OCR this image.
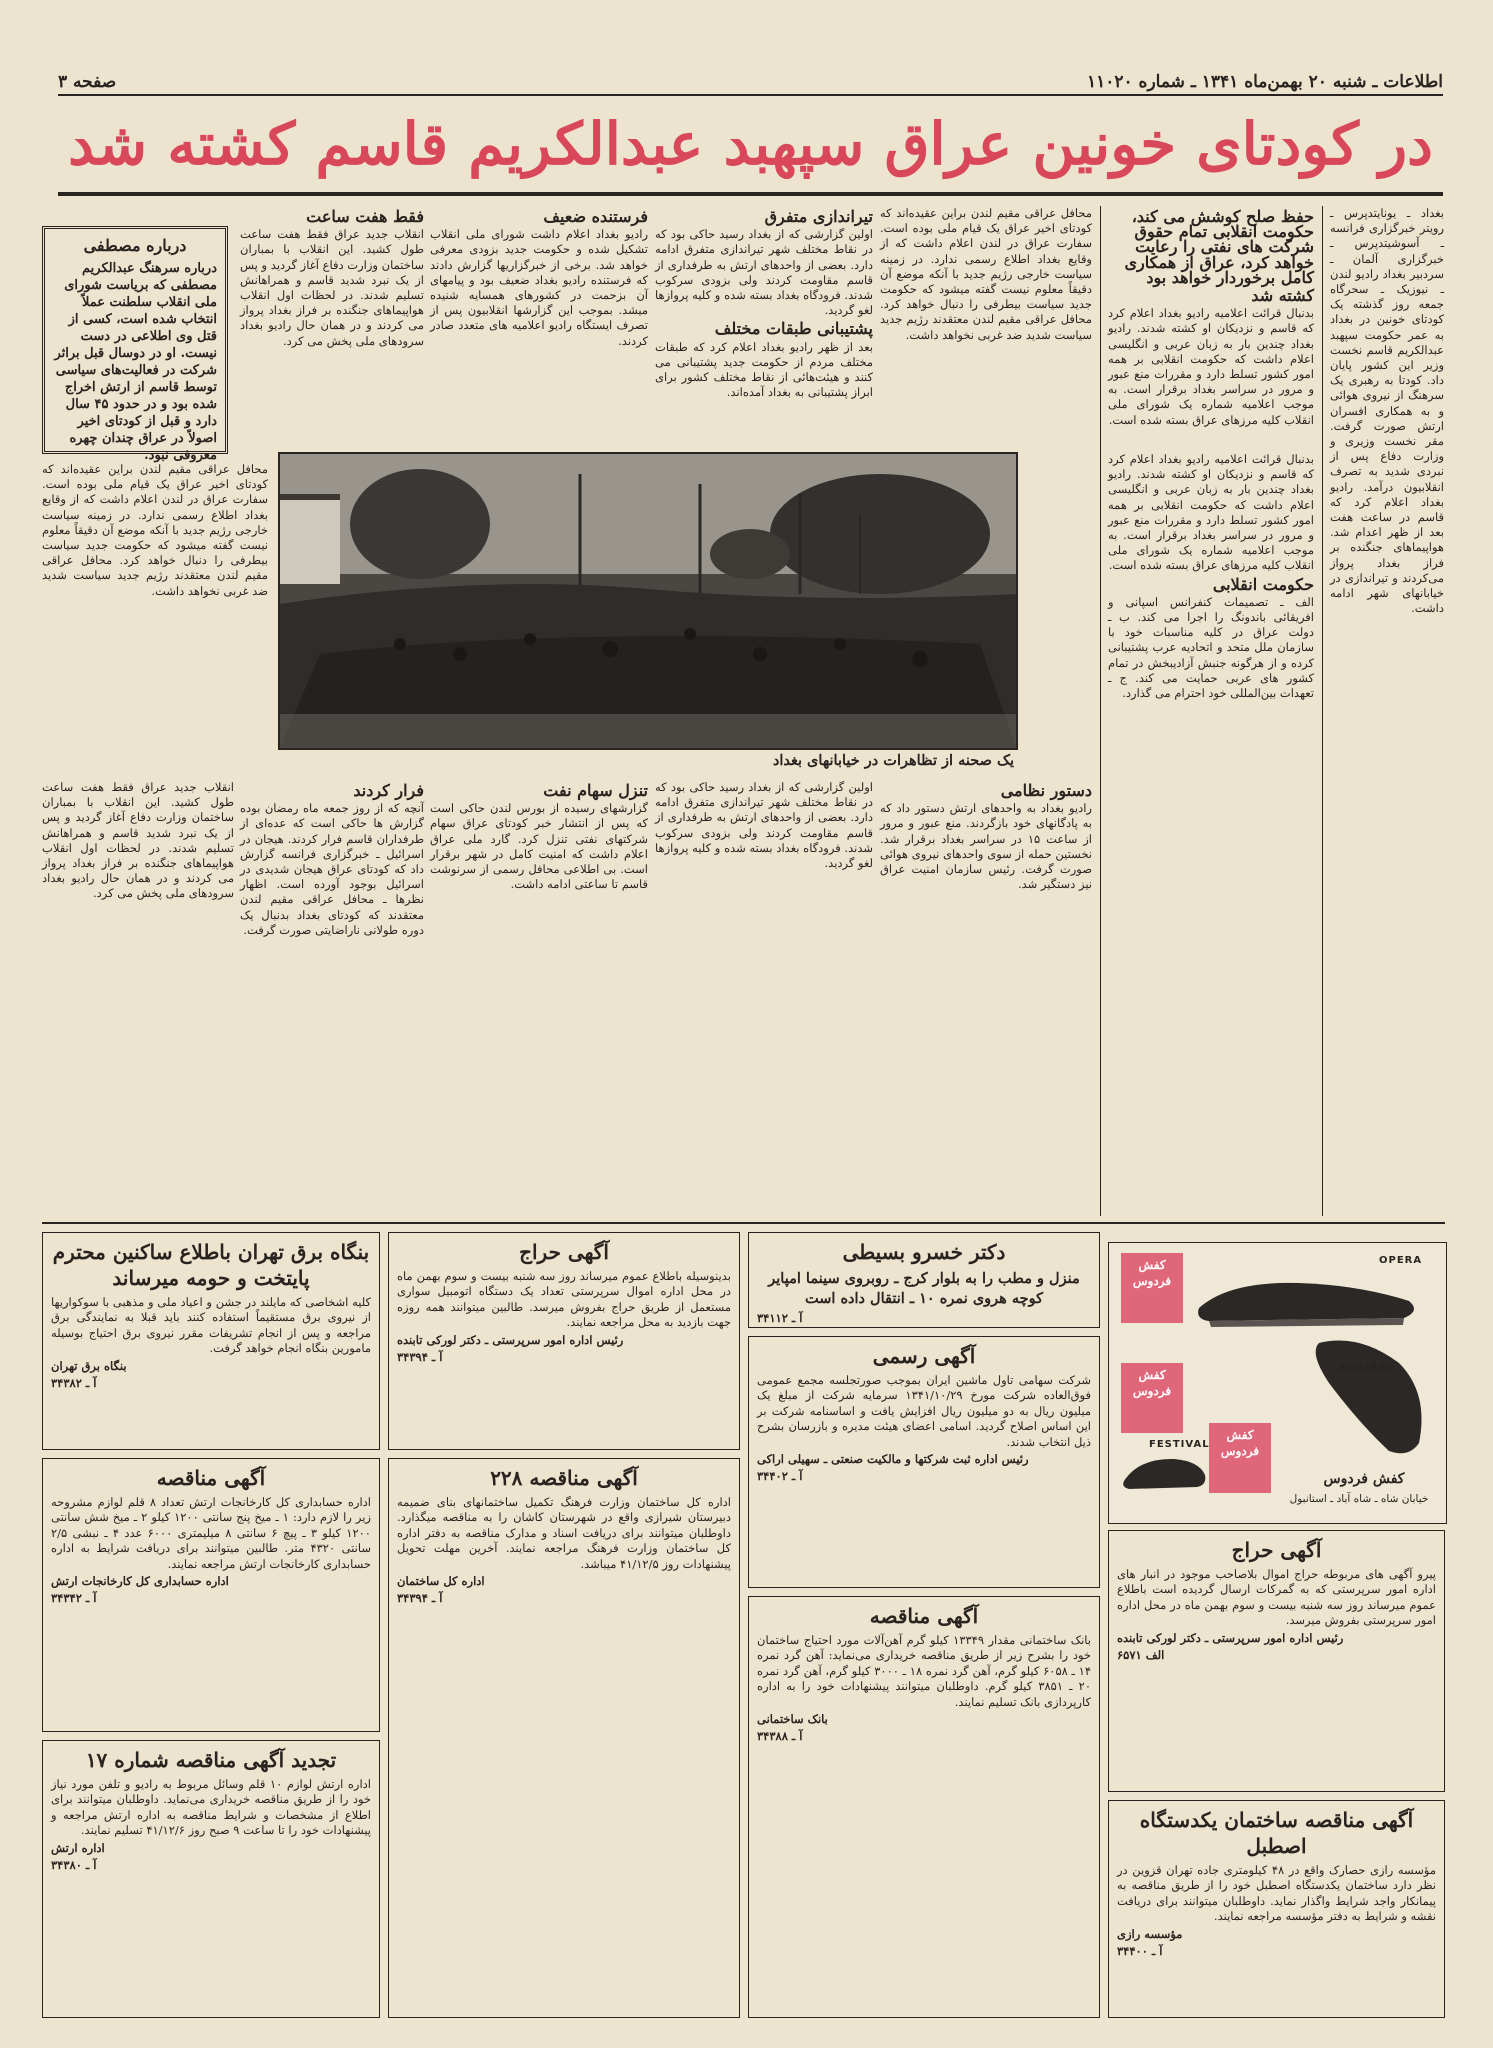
اطلاعات ـ شنبه ۲۰ بهمن‌ماه ۱۳۴۱ ـ شماره ۱۱۰۲۰
صفحه ۳
در کودتای خونین عراق سپهبد عبدالکریم قاسم کشته شد
بغداد ـ یونایتدپرس ـ رویتر خبرگزاری فرانسه ـ آسوشیتدپرس ـ خبرگزاری آلمان ـ سردبیر بغداد رادیو لندن ـ نیوزیک ـ سحرگاه جمعه روز گذشته یک کودتای خونین در بغداد به عمر حکومت سپهبد عبدالکریم قاسم نخست وزیر این کشور پایان داد. کودتا به رهبری یک سرهنگ از نیروی هوائی و به همکاری افسران ارتش صورت گرفت. مقر نخست وزیری و وزارت دفاع پس از نبردی شدید به تصرف انقلابیون درآمد. رادیو بغداد اعلام کرد که قاسم در ساعت هفت بعد از ظهر اعدام شد. هواپیماهای جنگنده بر فراز بغداد پرواز می‌کردند و تیراندازی در خیابانهای شهر ادامه داشت.
حفظ صلح کوشش می کند، حکومت انقلابی تمام حقوق شرکت های نفتی را رعایت خواهد کرد، عراق از همکاری کامل برخوردار خواهد بود
کشته شد
بدنبال قرائت اعلامیه رادیو بغداد اعلام کرد که قاسم و نزدیکان او کشته شدند. رادیو بغداد چندین بار به زبان عربی و انگلیسی اعلام داشت که حکومت انقلابی بر همه امور کشور تسلط دارد و مقررات منع عبور و مرور در سراسر بغداد برقرار است. به موجب اعلامیه شماره یک شورای ملی انقلاب کلیه مرزهای عراق بسته شده است.
محافل عراقی مقیم لندن براین عقیده‌اند که کودتای اخیر عراق یک قیام ملی بوده است. سفارت عراق در لندن اعلام داشت که از وقایع بغداد اطلاع رسمی ندارد. در زمینه سیاست خارجی رژیم جدید با آنکه موضع آن دقیقاً معلوم نیست گفته میشود که حکومت جدید سیاست بیطرفی را دنبال خواهد کرد. محافل عراقی مقیم لندن معتقدند رژیم جدید سیاست شدید ضد غربی نخواهد داشت.
تیراندازی متفرق
اولین گزارشی که از بغداد رسید حاکی بود که در نقاط مختلف شهر تیراندازی متفرق ادامه دارد. بعضی از واحدهای ارتش به طرفداری از قاسم مقاومت کردند ولی بزودی سرکوب شدند. فرودگاه بغداد بسته شده و کلیه پروازها لغو گردید.
پشتیبانی طبقات مختلف
بعد از ظهر رادیو بغداد اعلام کرد که طبقات مختلف مردم از حکومت جدید پشتیبانی می کنند و هیئت‌هائی از نقاط مختلف کشور برای ابراز پشتیبانی به بغداد آمده‌اند.
فرستنده ضعیف
رادیو بغداد اعلام داشت شورای ملی انقلاب تشکیل شده و حکومت جدید بزودی معرفی خواهد شد. برخی از خبرگزاریها گزارش دادند که فرستنده رادیو بغداد ضعیف بود و پیامهای آن بزحمت در کشورهای همسایه شنیده میشد. بموجب این گزارشها انقلابیون پس از تصرف ایستگاه رادیو اعلامیه های متعدد صادر کردند.
فقط هفت ساعت
انقلاب جدید عراق فقط هفت ساعت طول کشید. این انقلاب با بمباران ساختمان وزارت دفاع آغاز گردید و پس از یک نبرد شدید قاسم و همراهانش تسلیم شدند. در لحظات اول انقلاب هواپیماهای جنگنده بر فراز بغداد پرواز می کردند و در همان حال رادیو بغداد سرودهای ملی پخش می کرد.
درباره مصطفی
درباره سرهنگ عبدالکریم مصطفی که بریاست شورای ملی انقلاب سلطنت عملاً انتخاب شده است، کسی از قتل وی اطلاعی در دست نیست. او در دوسال قبل براثر شرکت در فعالیت‌های سیاسی توسط قاسم از ارتش اخراج شده بود و در حدود ۴۵ سال دارد و قبل از کودتای اخیر اصولاً در عراق چندان چهره معروفی نبود.
محافل عراقی مقیم لندن براین عقیده‌اند که کودتای اخیر عراق یک قیام ملی بوده است. سفارت عراق در لندن اعلام داشت که از وقایع بغداد اطلاع رسمی ندارد. در زمینه سیاست خارجی رژیم جدید با آنکه موضع آن دقیقاً معلوم نیست گفته میشود که حکومت جدید سیاست بیطرفی را دنبال خواهد کرد. محافل عراقی مقیم لندن معتقدند رژیم جدید سیاست شدید ضد غربی نخواهد داشت.
یک صحنه از تظاهرات در خیابانهای بغداد
بدنبال قرائت اعلامیه رادیو بغداد اعلام کرد که قاسم و نزدیکان او کشته شدند. رادیو بغداد چندین بار به زبان عربی و انگلیسی اعلام داشت که حکومت انقلابی بر همه امور کشور تسلط دارد و مقررات منع عبور و مرور در سراسر بغداد برقرار است. به موجب اعلامیه شماره یک شورای ملی انقلاب کلیه مرزهای عراق بسته شده است.
حکومت انقلابی
الف ـ تصمیمات کنفرانس اسپانی و افریقائی باندونگ را اجرا می کند. ب ـ دولت عراق در کلیه مناسبات خود با سازمان ملل متحد و اتحادیه عرب پشتیبانی کرده و از هرگونه جنبش آزادیبخش در تمام کشور های عربی حمایت می کند. ج ـ تعهدات بین‌المللی خود احترام می گذارد.
دستور نظامی
رادیو بغداد به واحدهای ارتش دستور داد که به پادگانهای خود بازگردند. منع عبور و مرور از ساعت ۱۵ در سراسر بغداد برقرار شد. نخستین حمله از سوی واحدهای نیروی هوائی صورت گرفت. رئیس سازمان امنیت عراق نیز دستگیر شد.
اولین گزارشی که از بغداد رسید حاکی بود که در نقاط مختلف شهر تیراندازی متفرق ادامه دارد. بعضی از واحدهای ارتش به طرفداری از قاسم مقاومت کردند ولی بزودی سرکوب شدند. فرودگاه بغداد بسته شده و کلیه پروازها لغو گردید.
تنزل سهام نفت
گزارشهای رسیده از بورس لندن حاکی است که پس از انتشار خبر کودتای عراق سهام شرکتهای نفتی تنزل کرد. گارد ملی عراق اعلام داشت که امنیت کامل در شهر برقرار است. بی اطلاعی محافل رسمی از سرنوشت قاسم تا ساعتی ادامه داشت.
فرار کردند
آنچه که از روز جمعه ماه رمضان بوده گزارش ها حاکی است که عده‌ای از طرفداران قاسم فرار کردند. هیجان در اسرائیل ـ خبرگزاری فرانسه گزارش داد که کودتای عراق هیجان شدیدی در اسرائیل بوجود آورده است. اظهار نظرها ـ محافل عراقی مقیم لندن معتقدند که کودتای بغداد بدنبال یک دوره طولانی ناراضایتی صورت گرفت.
انقلاب جدید عراق فقط هفت ساعت طول کشید. این انقلاب با بمباران ساختمان وزارت دفاع آغاز گردید و پس از یک نبرد شدید قاسم و همراهانش تسلیم شدند. در لحظات اول انقلاب هواپیماهای جنگنده بر فراز بغداد پرواز می کردند و در همان حال رادیو بغداد سرودهای ملی پخش می کرد.
بنگاه برق تهران باطلاع ساکنین محترم پایتخت و حومه میرساند
کلیه اشخاصی که مایلند در جشن و اعیاد ملی و مذهبی با سوکواریها از نیروی برق مستقیماً استفاده کنند باید قبلا به نمایندگی برق مراجعه و پس از انجام تشریفات مقرر نیروی برق احتیاج بوسیله مامورین بنگاه انجام خواهد گرفت.
بنگاه برق تهران
آ ـ ۳۴۳۸۲
آگهی حراج
بدینوسیله باطلاع عموم میرساند روز سه شنبه بیست و سوم بهمن ماه در محل اداره اموال سرپرستی تعداد یک دستگاه اتومبیل سواری مستعمل از طریق حراج بفروش میرسد. طالبین میتوانند همه روزه جهت بازدید به محل مراجعه نمایند.
رئیس اداره امور سرپرستی ـ دکتر لورکی تابنده
آ ـ ۳۴۳۹۴
دکتر خسرو بسیطی
منزل و مطب را به بلوار کرج ـ روبروی سینما امپایر کوچه هروی نمره ۱۰ ـ انتقال داده است
آ ـ ۳۴۱۱۲
آگهی رسمی
شرکت سهامی تاول ماشین ایران بموجب صورتجلسه مجمع عمومی فوق‌العاده شرکت مورخ ۱۳۴۱/۱۰/۲۹ سرمایه شرکت از مبلغ یک میلیون ریال به دو میلیون ریال افزایش یافت و اساسنامه شرکت بر این اساس اصلاح گردید. اسامی اعضای هیئت مدیره و بازرسان بشرح ذیل انتخاب شدند.
رئیس اداره ثبت شرکتها و مالکیت صنعتی ـ سهیلی اراکی
آ ـ ۳۴۴۰۲
کفش فردوس
کفش فردوس
کفش فردوس
OPERA
ANTIBES
FESTIVAL
کفش فردوس
خیابان شاه ـ شاه آباد ـ استانبول
آگهی مناقصه
اداره حسابداری کل کارخانجات ارتش تعداد ۸ قلم لوازم مشروحه زیر را لازم دارد: ۱ ـ میخ پنج سانتی ۱۲۰۰ کیلو ۲ ـ میخ شش سانتی ۱۲۰۰ کیلو ۳ ـ پیچ ۶ سانتی ۸ میلیمتری ۶۰۰۰ عدد ۴ ـ نبشی ۲/۵ سانتی ۴۳۲۰ متر. طالبین میتوانند برای دریافت شرایط به اداره حسابداری کارخانجات ارتش مراجعه نمایند.
اداره حسابداری کل کارخانجات ارتش
آ ـ ۳۴۳۴۲
آگهی مناقصه ۲۲۸
اداره کل ساختمان وزارت فرهنگ تکمیل ساختمانهای بنای ضمیمه دبیرستان شیرازی واقع در شهرستان کاشان را به مناقصه میگذارد. داوطلبان میتوانند برای دریافت اسناد و مدارک مناقصه به دفتر اداره کل ساختمان وزارت فرهنگ مراجعه نمایند. آخرین مهلت تحویل پیشنهادات روز ۴۱/۱۲/۵ میباشد.
اداره کل ساختمان
آ ـ ۳۴۳۹۴
آگهی مناقصه
بانک ساختمانی مقدار ۱۳۳۴۹ کیلو گرم آهن‌آلات مورد احتیاج ساختمان خود را بشرح زیر از طریق مناقصه خریداری می‌نماید: آهن گرد نمره ۱۴ ـ ۶۰۵۸ کیلو گرم، آهن گرد نمره ۱۸ ـ ۳۰۰۰ کیلو گرم، آهن گرد نمره ۲۰ ـ ۳۸۵۱ کیلو گرم. داوطلبان میتوانند پیشنهادات خود را به اداره کارپردازی بانک تسلیم نمایند.
بانک ساختمانی
آ ـ ۳۴۳۸۸
آگهی حراج
پیرو آگهی های مربوطه حراج اموال بلاصاحب موجود در انبار های اداره امور سرپرستی که به گمرکات ارسال گردیده است باطلاع عموم میرساند روز سه شنبه بیست و سوم بهمن ماه در محل اداره امور سرپرستی بفروش میرسد.
رئیس اداره امور سرپرستی ـ دکتر لورکی تابنده
الف ۶۵۷۱
آگهی مناقصه ساختمان یکدستگاه اصطبل
مؤسسه رازی حصارک واقع در ۴۸ کیلومتری جاده تهران قزوین در نظر دارد ساختمان یکدستگاه اصطبل خود را از طریق مناقصه به پیمانکار واجد شرایط واگذار نماید. داوطلبان میتوانند برای دریافت نقشه و شرایط به دفتر مؤسسه مراجعه نمایند.
مؤسسه رازی
آ ـ ۳۴۴۰۰
تجدید آگهی مناقصه شماره ۱۷
اداره ارتش لوازم ۱۰ قلم وسائل مربوط به رادیو و تلفن مورد نیاز خود را از طریق مناقصه خریداری می‌نماید. داوطلبان میتوانند برای اطلاع از مشخصات و شرایط مناقصه به اداره ارتش مراجعه و پیشنهادات خود را تا ساعت ۹ صبح روز ۴۱/۱۲/۶ تسلیم نمایند.
اداره ارتش
آ ـ ۳۴۳۸۰
